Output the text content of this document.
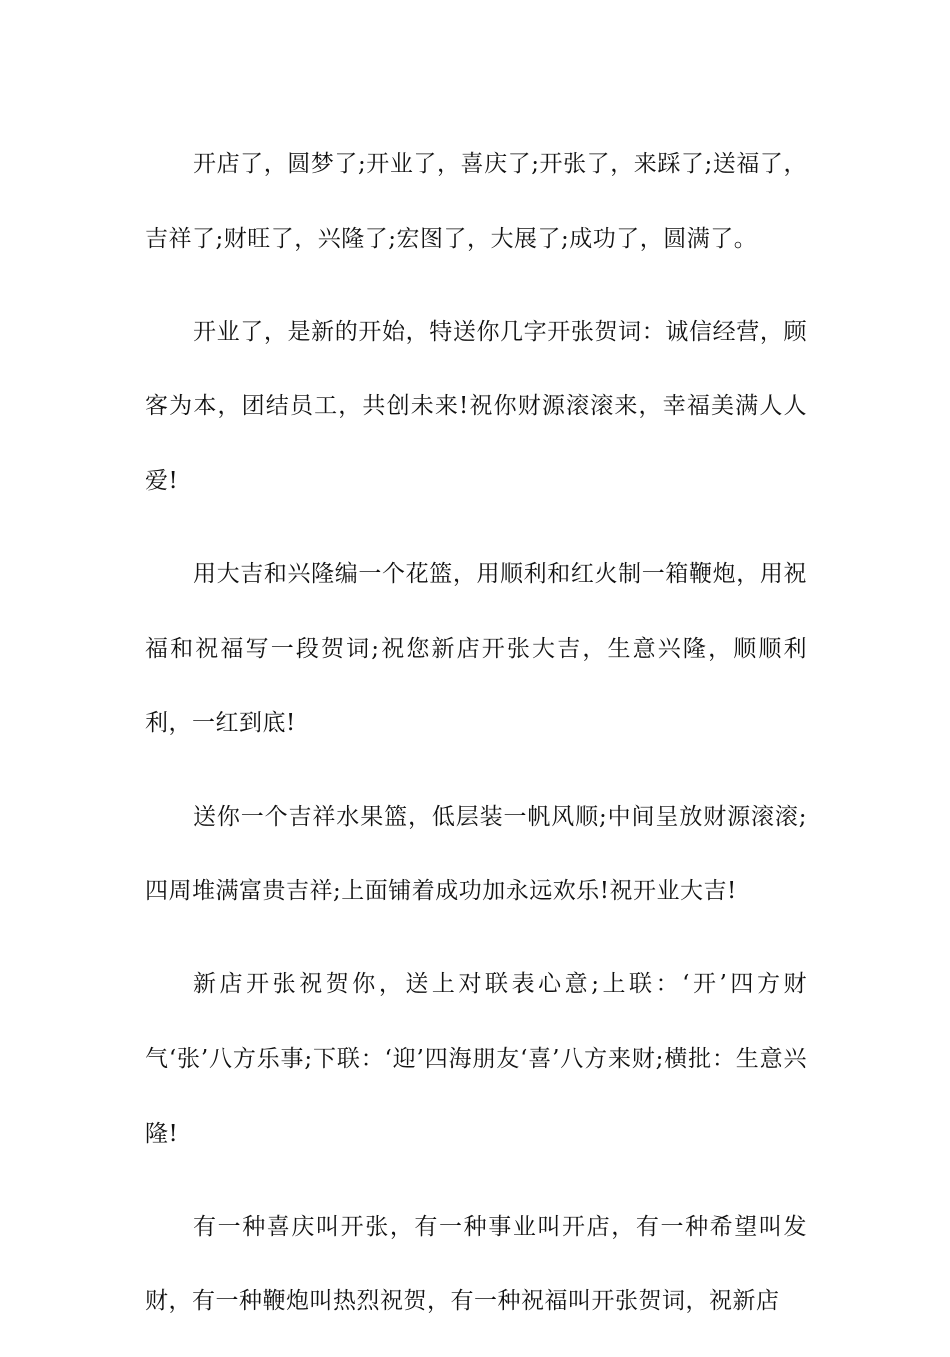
开店了，圆梦了;开业了，喜庆了;开张了，来踩了;送福了，吉祥了;财旺了，兴隆了;宏图了，大展了;成功了，圆满了。

开业了，是新的开始，特送你几字开张贺词：诚信经营，顾客为本，团结员工，共创未来!祝你财源滚滚来，幸福美满人人爱!

用大吉和兴隆编一个花篮，用顺利和红火制一箱鞭炮，用祝福和祝福写一段贺词;祝您新店开张大吉，生意兴隆，顺顺利利，一红到底!

送你一个吉祥水果篮，低层装一帆风顺;中间呈放财源滚滚;四周堆满富贵吉祥;上面铺着成功加永远欢乐!祝开业大吉!

新店开张祝贺你，送上对联表心意;上联：‘开’四方财气‘张’八方乐事;下联：‘迎’四海朋友‘喜’八方来财;横批：生意兴隆!

有一种喜庆叫开张，有一种事业叫开店，有一种希望叫发财，有一种鞭炮叫热烈祝贺，有一种祝福叫开张贺词，祝新店
